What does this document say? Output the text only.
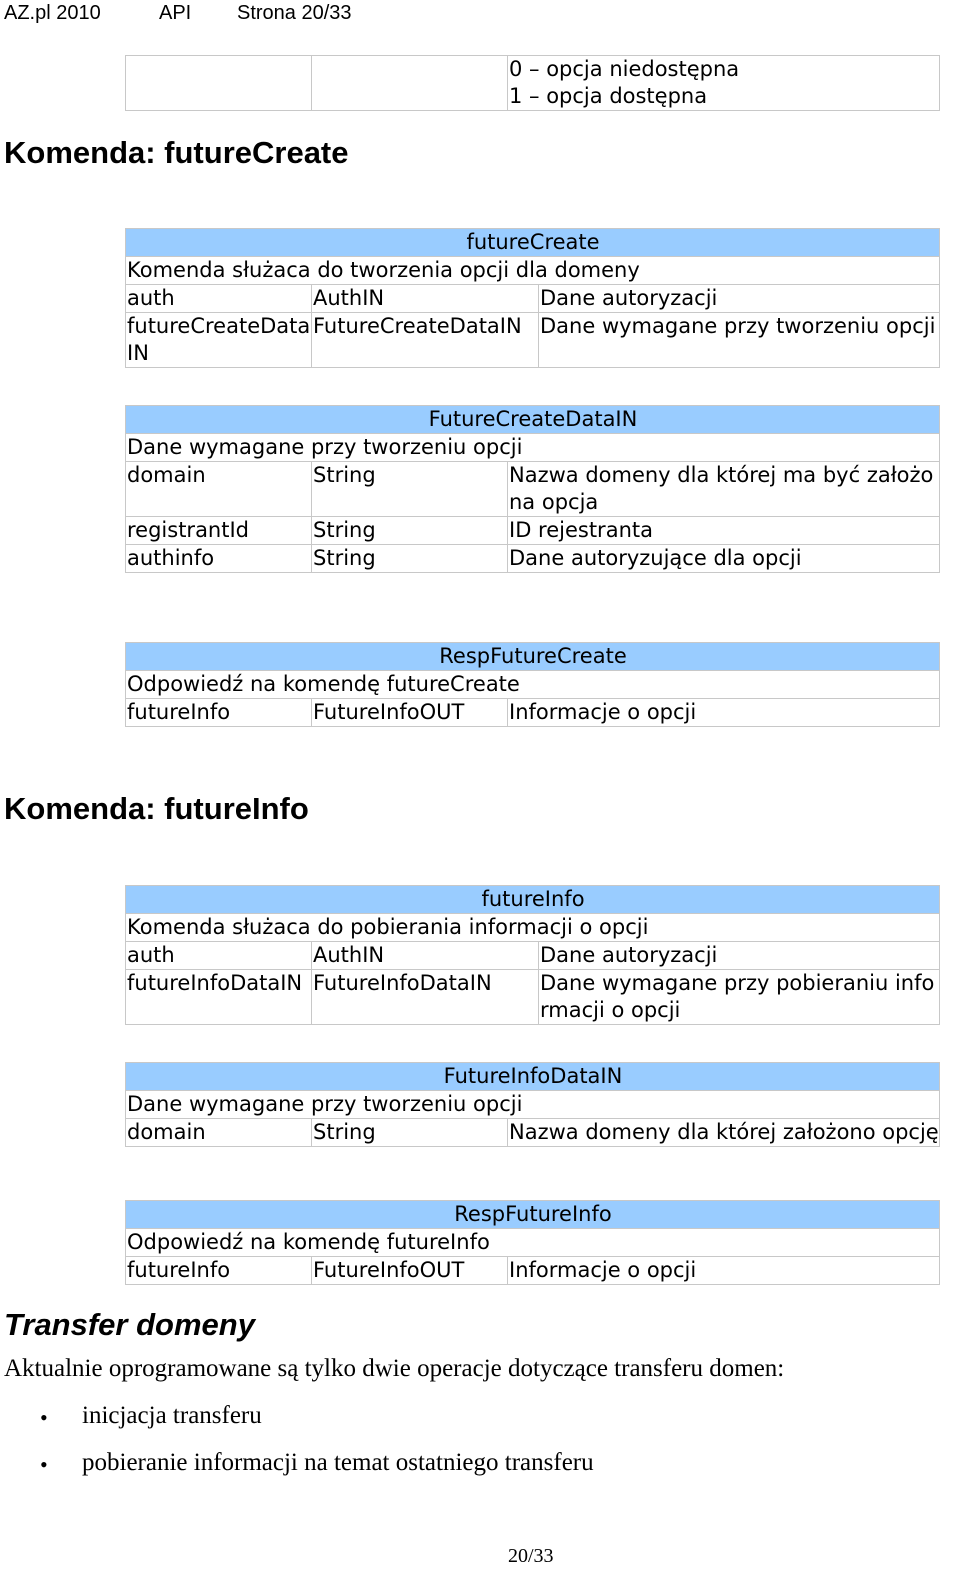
AZ.pl 2010	API Strona 20/33

0 – opcja niedostępna
1 – opcja dostępna
Komenda: futureCreate
futureCreate		
Komenda służaca do tworzenia opcji dla domeny		
auth	AuthIN	Dane autoryzacji
futureCreateDataIN	FutureCreateDataIN	Dane wymagane przy tworzeniu opcji
FutureCreateDataIN		
Dane wymagane przy tworzeniu opcji		
domain	String	Nazwa domeny dla której ma być założona opcja
registrantId	String	ID rejestranta
authinfo	String	Dane autoryzujące dla opcji
RespFutureCreate
Odpowiedź na komendę futureCreate
futureInfo	FutureInfoOUT	Informacje o opcji
Komenda: futureInfo
futureInfo		
Komenda służaca do pobierania informacji o opcji		
auth	AuthIN	Dane autoryzacji
futureInfoDataIN	FutureInfoDataIN	Dane wymagane przy pobieraniu informacji o opcji
FutureInfoDataIN
Dane wymagane przy tworzeniu opcji
domain	String	Nazwa domeny dla której założono opcję
RespFutureInfo
Odpowiedź na komendę futureInfo
futureInfo	FutureInfoOUT	Informacje o opcji
Transfer domeny
Aktualnie oprogramowane są tylko dwie operacje dotyczące transferu domen:
• inicjacja transferu
• pobieranie informacji na temat ostatniego transferu
20/33
